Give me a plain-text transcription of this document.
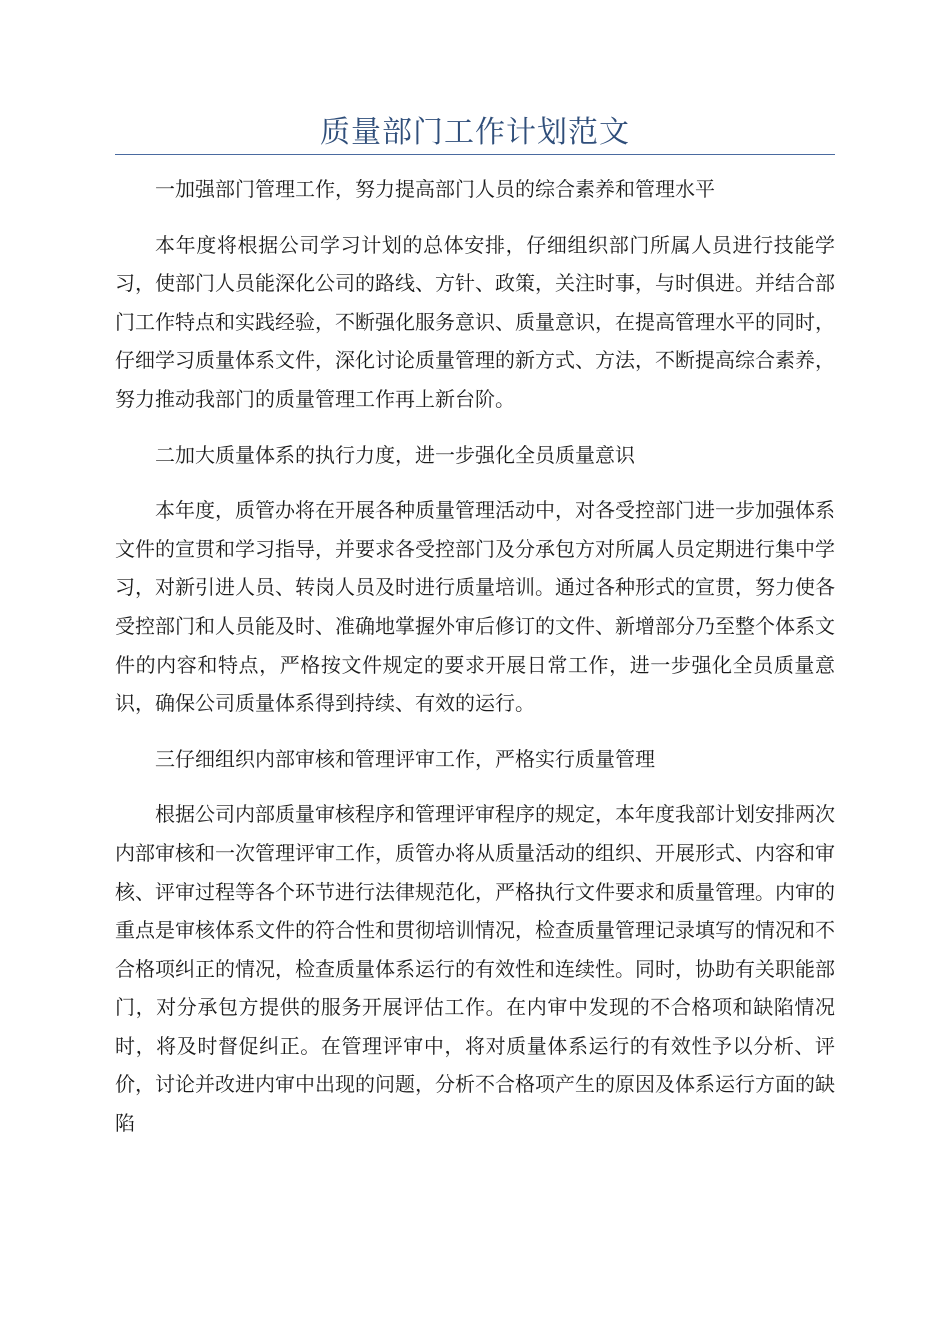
质量部门工作计划范文

一加强部门管理工作，努力提高部门人员的综合素养和管理水平

本年度将根据公司学习计划的总体安排，仔细组织部门所属人员进行技能学习，使部门人员能深化公司的路线、方针、政策，关注时事，与时俱进。并结合部门工作特点和实践经验，不断强化服务意识、质量意识，在提高管理水平的同时，仔细学习质量体系文件，深化讨论质量管理的新方式、方法，不断提高综合素养，努力推动我部门的质量管理工作再上新台阶。

二加大质量体系的执行力度，进一步强化全员质量意识

本年度，质管办将在开展各种质量管理活动中，对各受控部门进一步加强体系文件的宣贯和学习指导，并要求各受控部门及分承包方对所属人员定期进行集中学习，对新引进人员、转岗人员及时进行质量培训。通过各种形式的宣贯，努力使各受控部门和人员能及时、准确地掌握外审后修订的文件、新增部分乃至整个体系文件的内容和特点，严格按文件规定的要求开展日常工作，进一步强化全员质量意识，确保公司质量体系得到持续、有效的运行。

三仔细组织内部审核和管理评审工作，严格实行质量管理

根据公司内部质量审核程序和管理评审程序的规定，本年度我部计划安排两次内部审核和一次管理评审工作，质管办将从质量活动的组织、开展形式、内容和审核、评审过程等各个环节进行法律规范化，严格执行文件要求和质量管理。内审的重点是审核体系文件的符合性和贯彻培训情况，检查质量管理记录填写的情况和不合格项纠正的情况，检查质量体系运行的有效性和连续性。同时，协助有关职能部门，对分承包方提供的服务开展评估工作。在内审中发现的不合格项和缺陷情况时，将及时督促纠正。在管理评审中，将对质量体系运行的有效性予以分析、评价，讨论并改进内审中出现的问题，分析不合格项产生的原因及体系运行方面的缺陷
